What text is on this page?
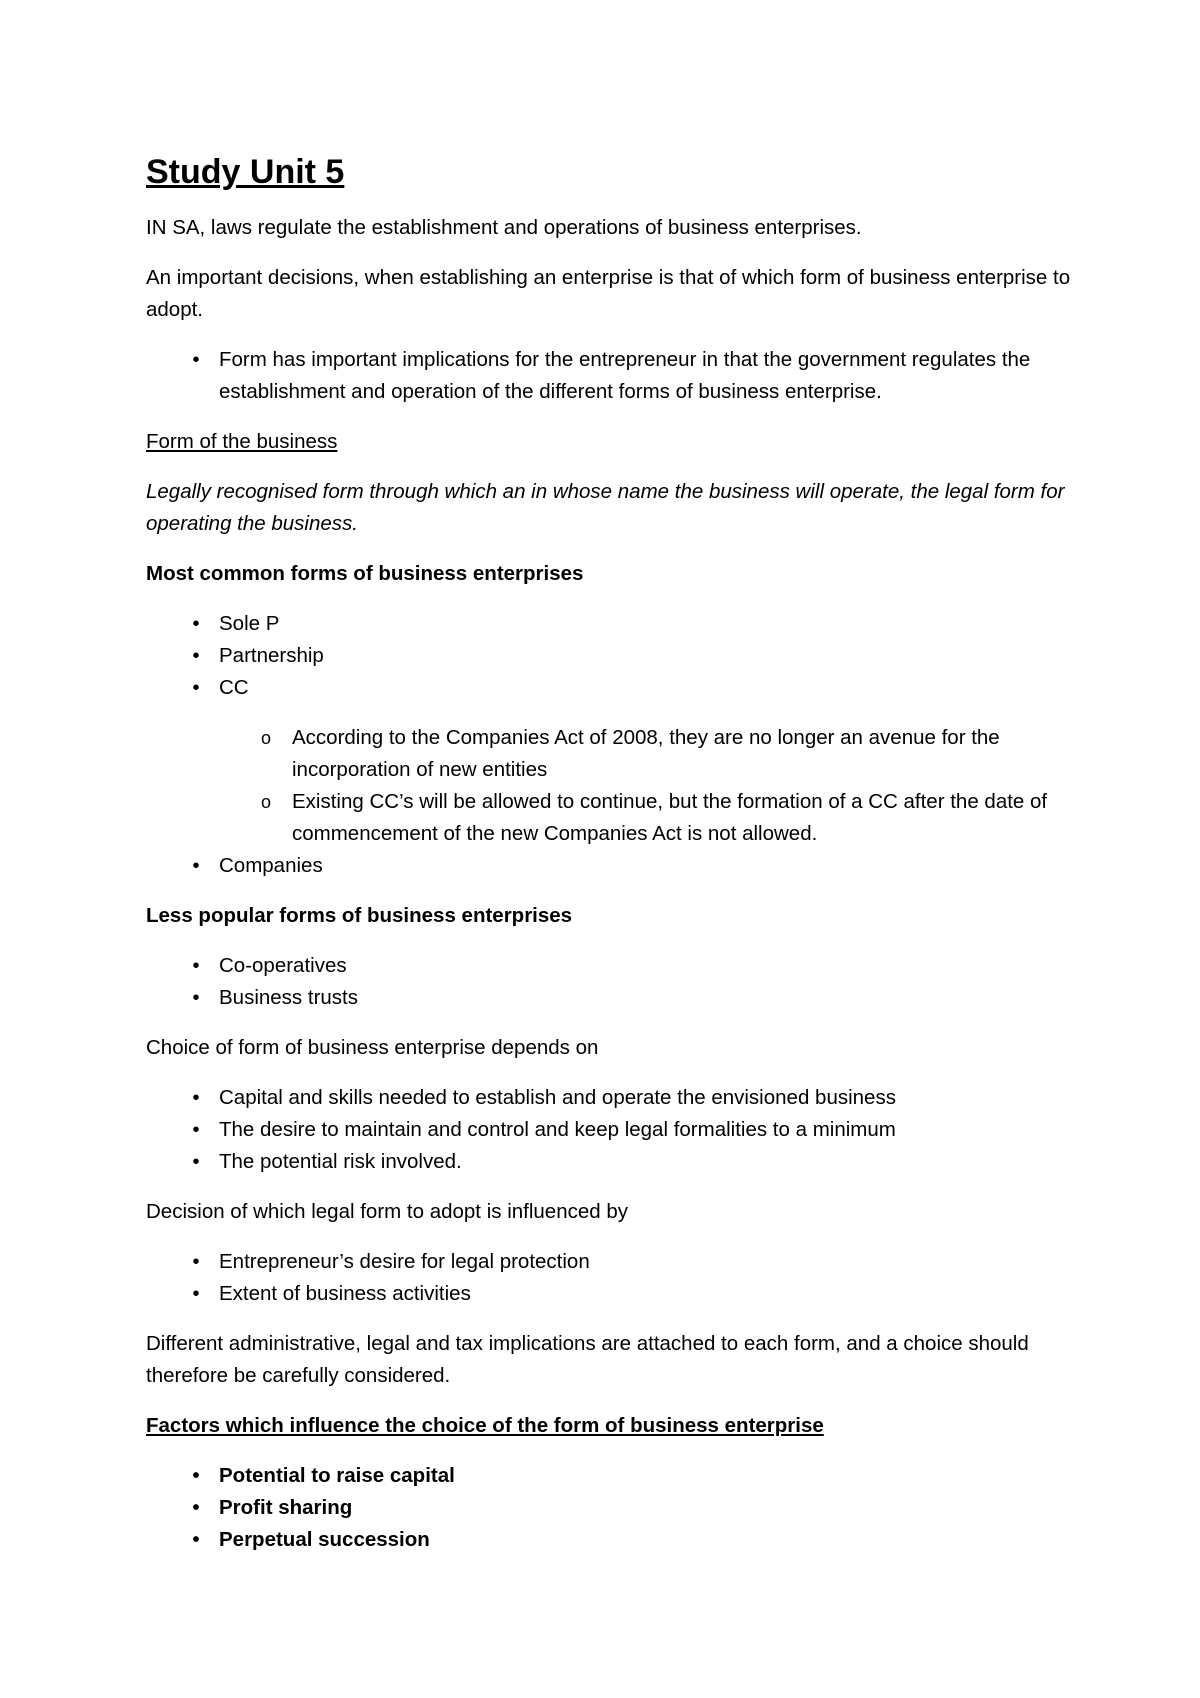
Study Unit 5

IN SA, laws regulate the establishment and operations of business enterprises.

An important decisions, when establishing an enterprise is that of which form of business enterprise to adopt.

• Form has important implications for the entrepreneur in that the government regulates the establishment and operation of the different forms of business enterprise.

Form of the business

Legally recognised form through which an in whose name the business will operate, the legal form for operating the business.

Most common forms of business enterprises

• Sole P
• Partnership
• CC
o According to the Companies Act of 2008, they are no longer an avenue for the incorporation of new entities
o Existing CC’s will be allowed to continue, but the formation of a CC after the date of commencement of the new Companies Act is not allowed.
• Companies

Less popular forms of business enterprises

• Co-operatives
• Business trusts

Choice of form of business enterprise depends on

• Capital and skills needed to establish and operate the envisioned business
• The desire to maintain and control and keep legal formalities to a minimum
• The potential risk involved.

Decision of which legal form to adopt is influenced by

• Entrepreneur’s desire for legal protection
• Extent of business activities

Different administrative, legal and tax implications are attached to each form, and a choice should therefore be carefully considered.

Factors which influence the choice of the form of business enterprise

• Potential to raise capital
• Profit sharing
• Perpetual succession
